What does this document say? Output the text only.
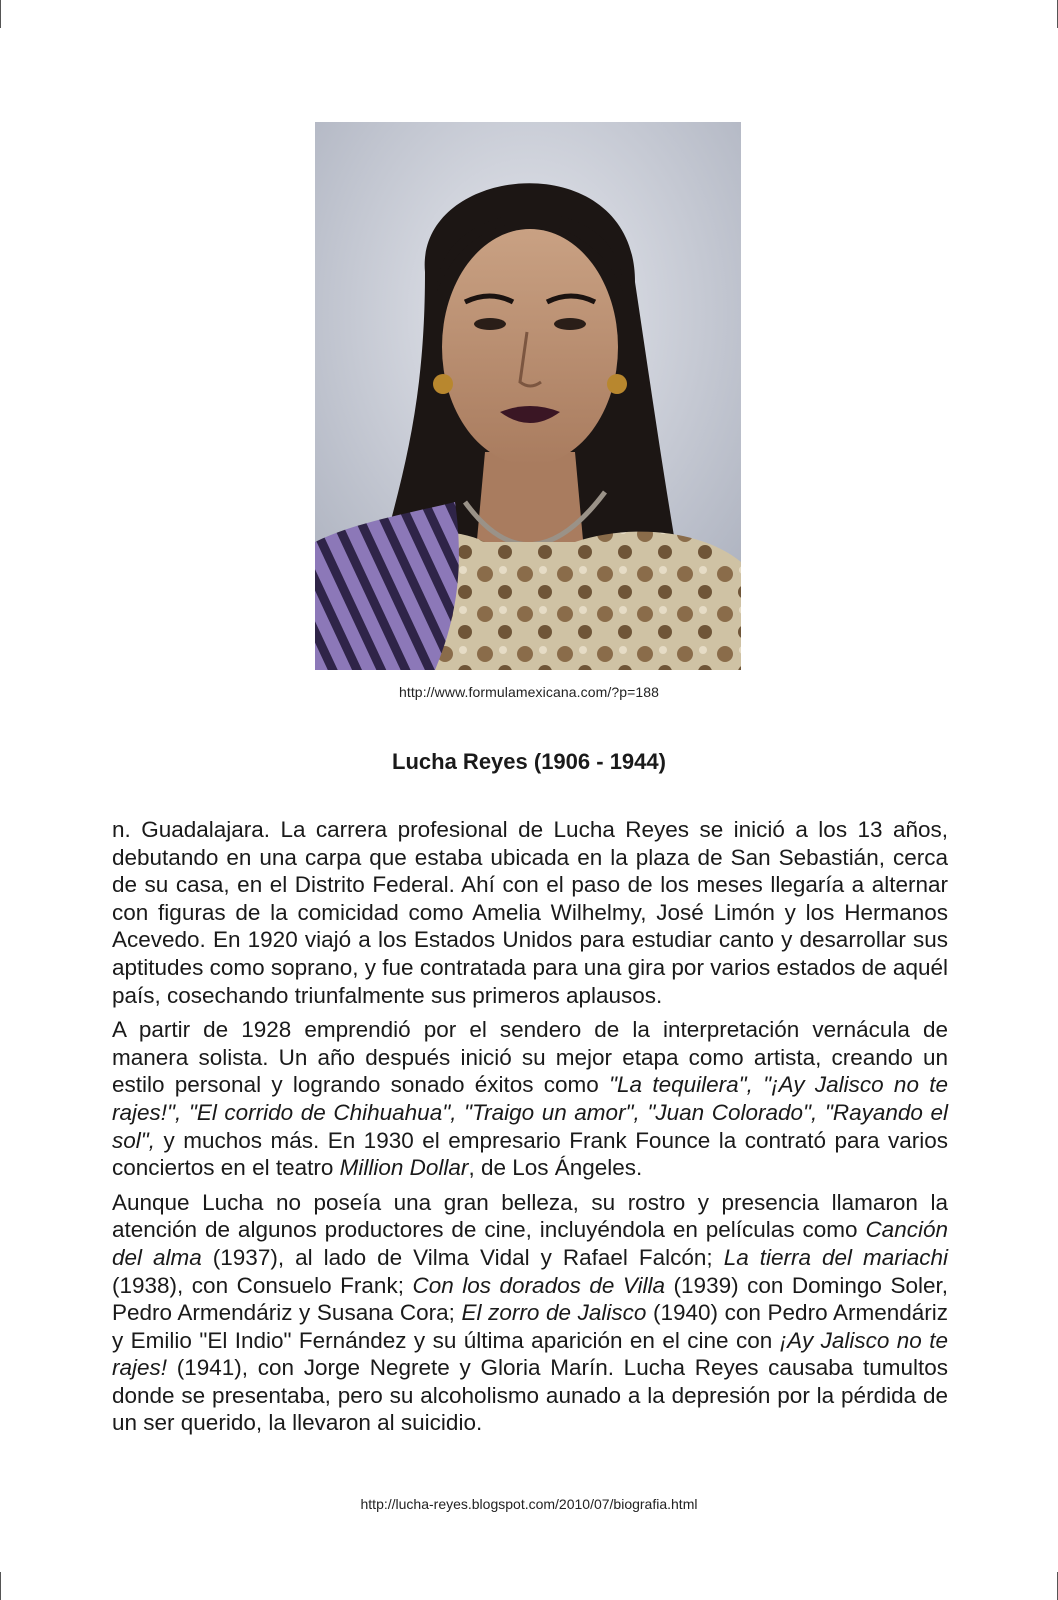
http://www.formulamexicana.com/?p=188
Lucha Reyes (1906 - 1944)

n. Guadalajara. La carrera profesional de Lucha Reyes se inició a los 13 años, debutando en una carpa que estaba ubicada en la plaza de San Sebastián, cerca de su casa, en el Distrito Federal. Ahí con el paso de los meses llegaría a alternar con figuras de la comicidad como Amelia Wilhelmy, José Limón y los Hermanos Acevedo. En 1920 viajó a los Estados Unidos para estudiar canto y desarrollar sus aptitudes como soprano, y fue contratada para una gira por varios estados de aquél país, cosechando triunfalmente sus primeros aplausos.

A partir de 1928 emprendió por el sendero de la interpretación vernácula de manera solista. Un año después inició su mejor etapa como artista, creando un estilo personal y logrando sonado éxitos como "La tequilera", "¡Ay Jalisco no te rajes!", "El corrido de Chihuahua", "Traigo un amor", "Juan Colorado", "Rayando el sol", y muchos más. En 1930 el empresario Frank Founce la contrató para varios conciertos en el teatro Million Dollar, de Los Ángeles.

Aunque Lucha no poseía una gran belleza, su rostro y presencia llamaron la atención de algunos productores de cine, incluyéndola en películas como Canción del alma (1937), al lado de Vilma Vidal y Rafael Falcón; La tierra del mariachi (1938), con Consuelo Frank; Con los dorados de Villa (1939) con Domingo Soler, Pedro Armendáriz y Susana Cora; El zorro de Jalisco (1940) con Pedro Armendáriz y Emilio "El Indio" Fernández y su última aparición en el cine con ¡Ay Jalisco no te rajes! (1941), con Jorge Negrete y Gloria Marín. Lucha Reyes causaba tumultos donde se presentaba, pero su alcoholismo aunado a la depresión por la pérdida de un ser querido, la llevaron al suicidio.

http://lucha-reyes.blogspot.com/2010/07/biografia.html
